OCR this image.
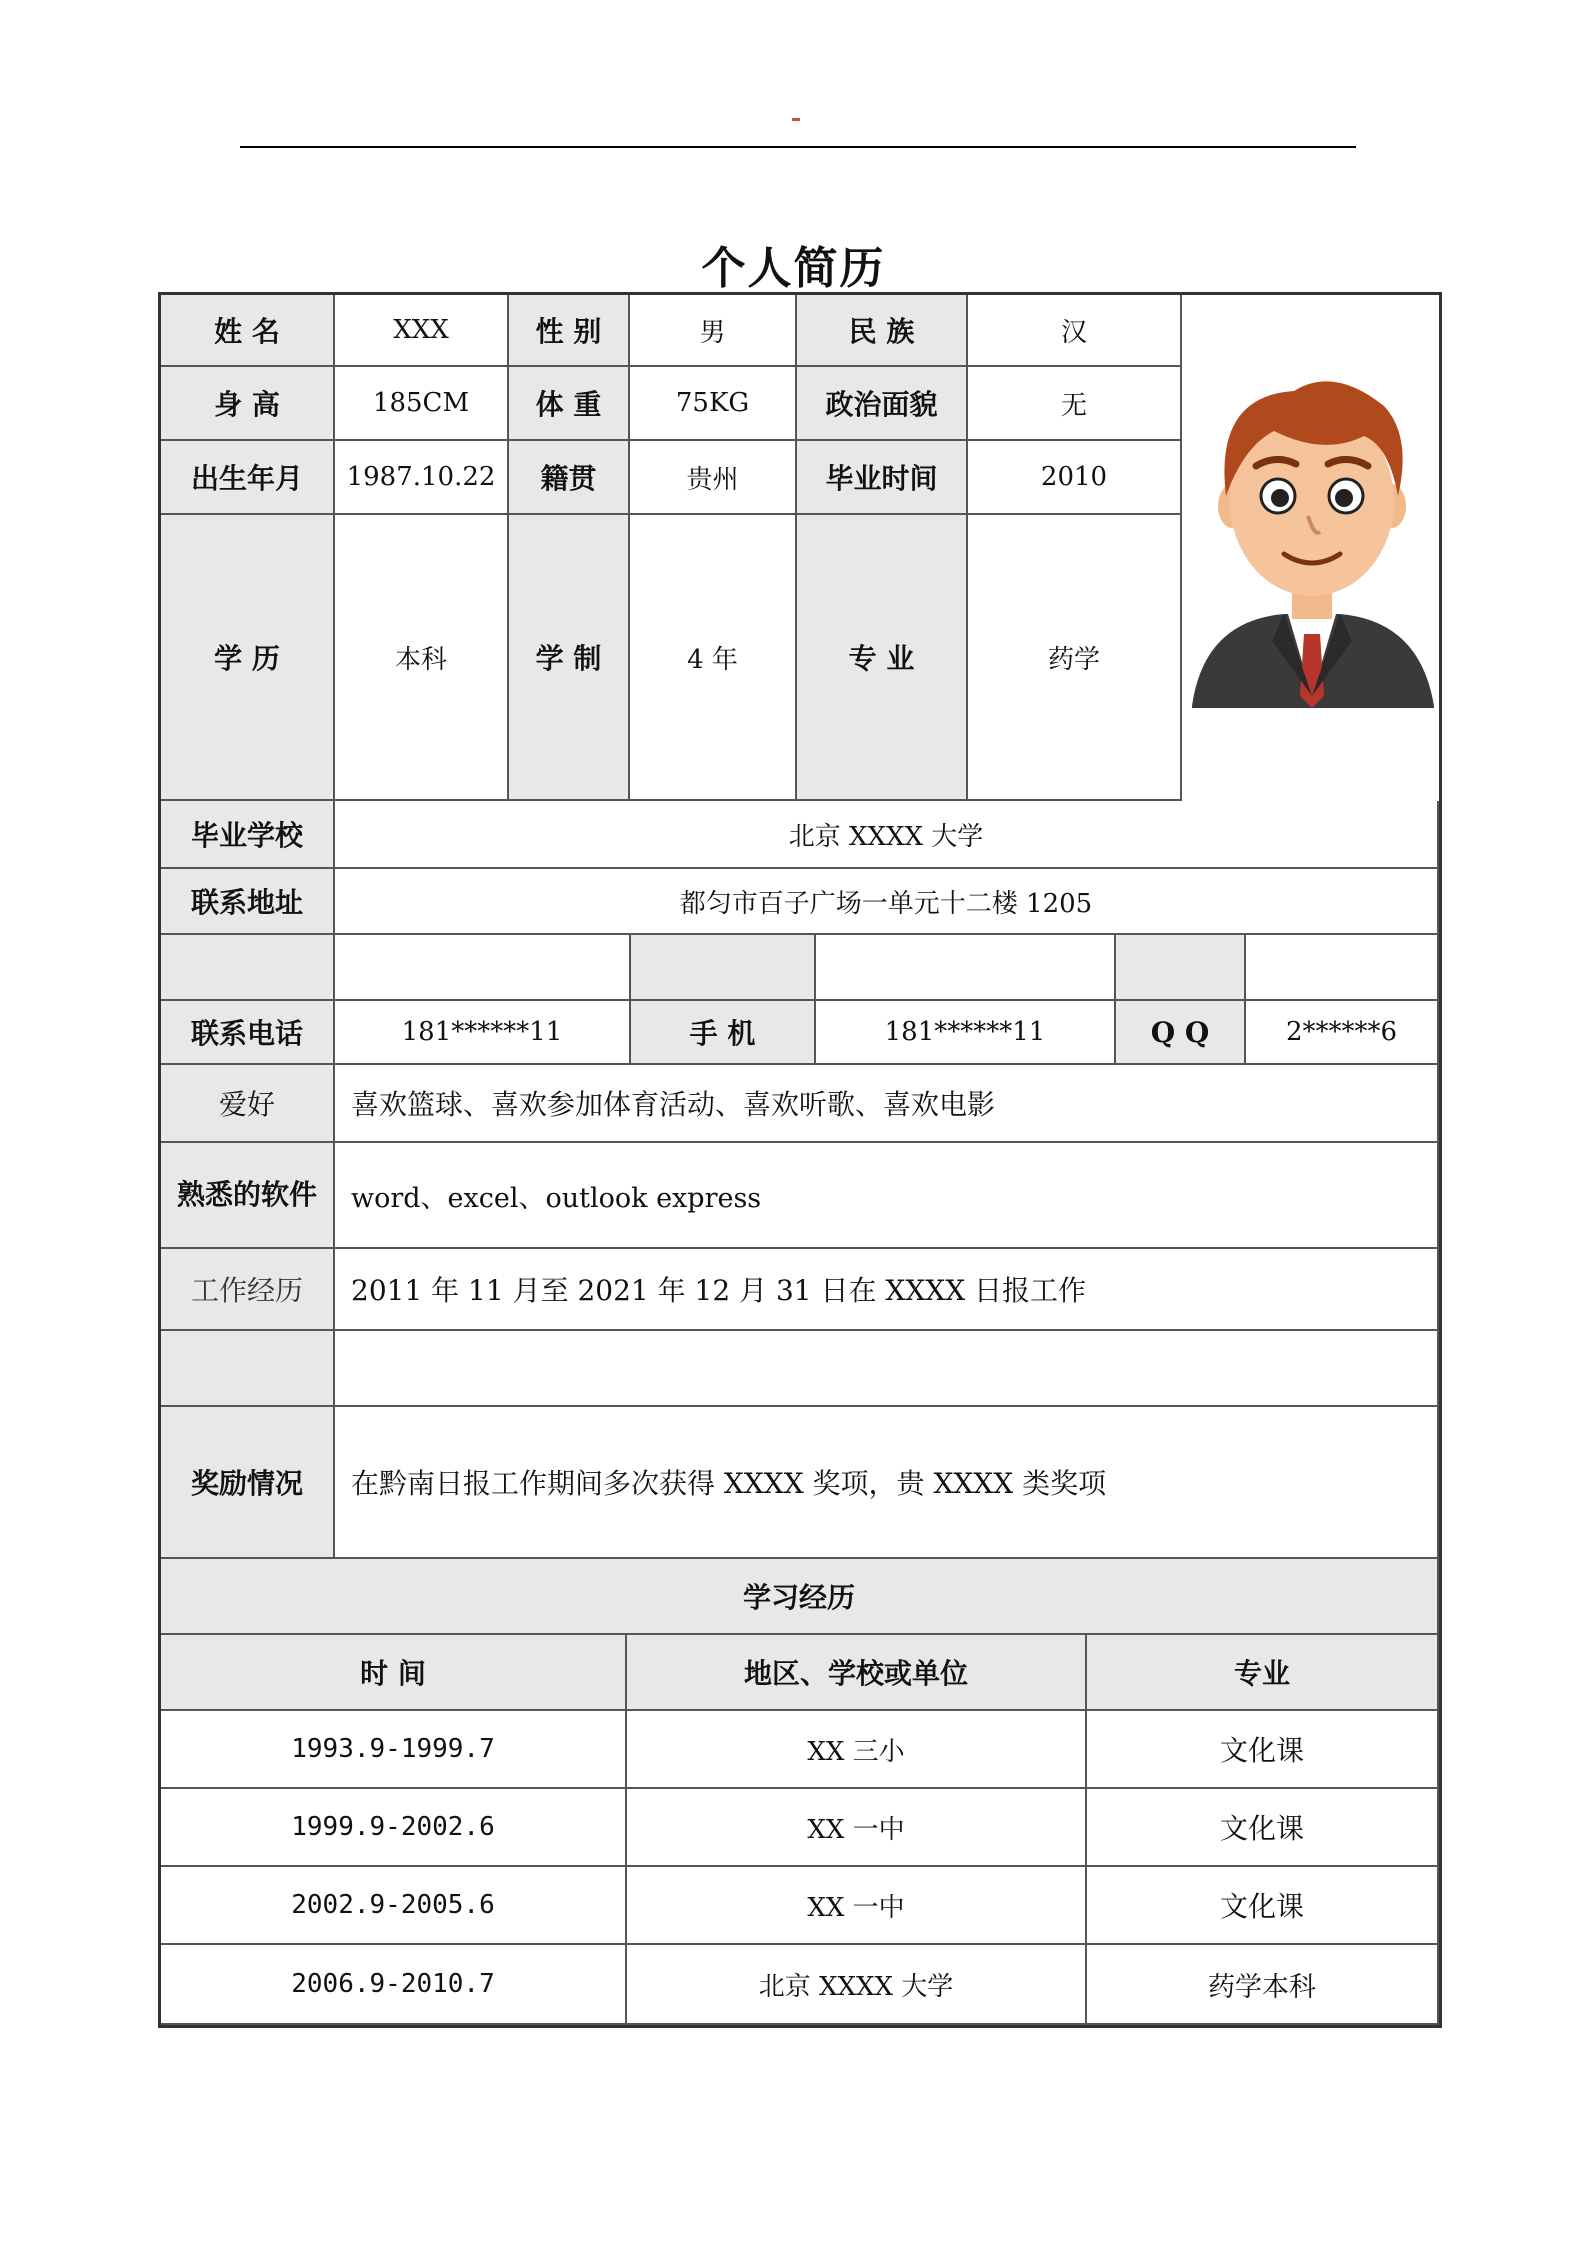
个人简历
姓 名	XXX	性 别	男	民 族	汉
身 高	185CM	体 重	75KG	政治面貌	无
出生年月	1987.10.22	籍贯	贵州	毕业时间	2010
学 历	本科	学 制	4 年	专 业	药学
毕业学校	北京 XXXX 大学
联系地址	都匀市百子广场一单元十二楼 1205
联系电话	181******11	手 机	181******11	Q Q	2******6
爱好	喜欢篮球、喜欢参加体育活动、喜欢听歌、喜欢电影
熟悉的软件	word、excel、outlook express
工作经历	2011 年 11 月至 2021 年 12 月 31 日在 XXXX 日报工作
奖励情况	在黔南日报工作期间多次获得 XXXX 奖项，贵 XXXX 类奖项
学习经历
时 间	地区、学校或单位	专业
1993.9-1999.7	XX 三小	文化课
1999.9-2002.6	XX 一中	文化课
2002.9-2005.6	XX 一中	文化课
2006.9-2010.7	北京 XXXX 大学	药学本科
